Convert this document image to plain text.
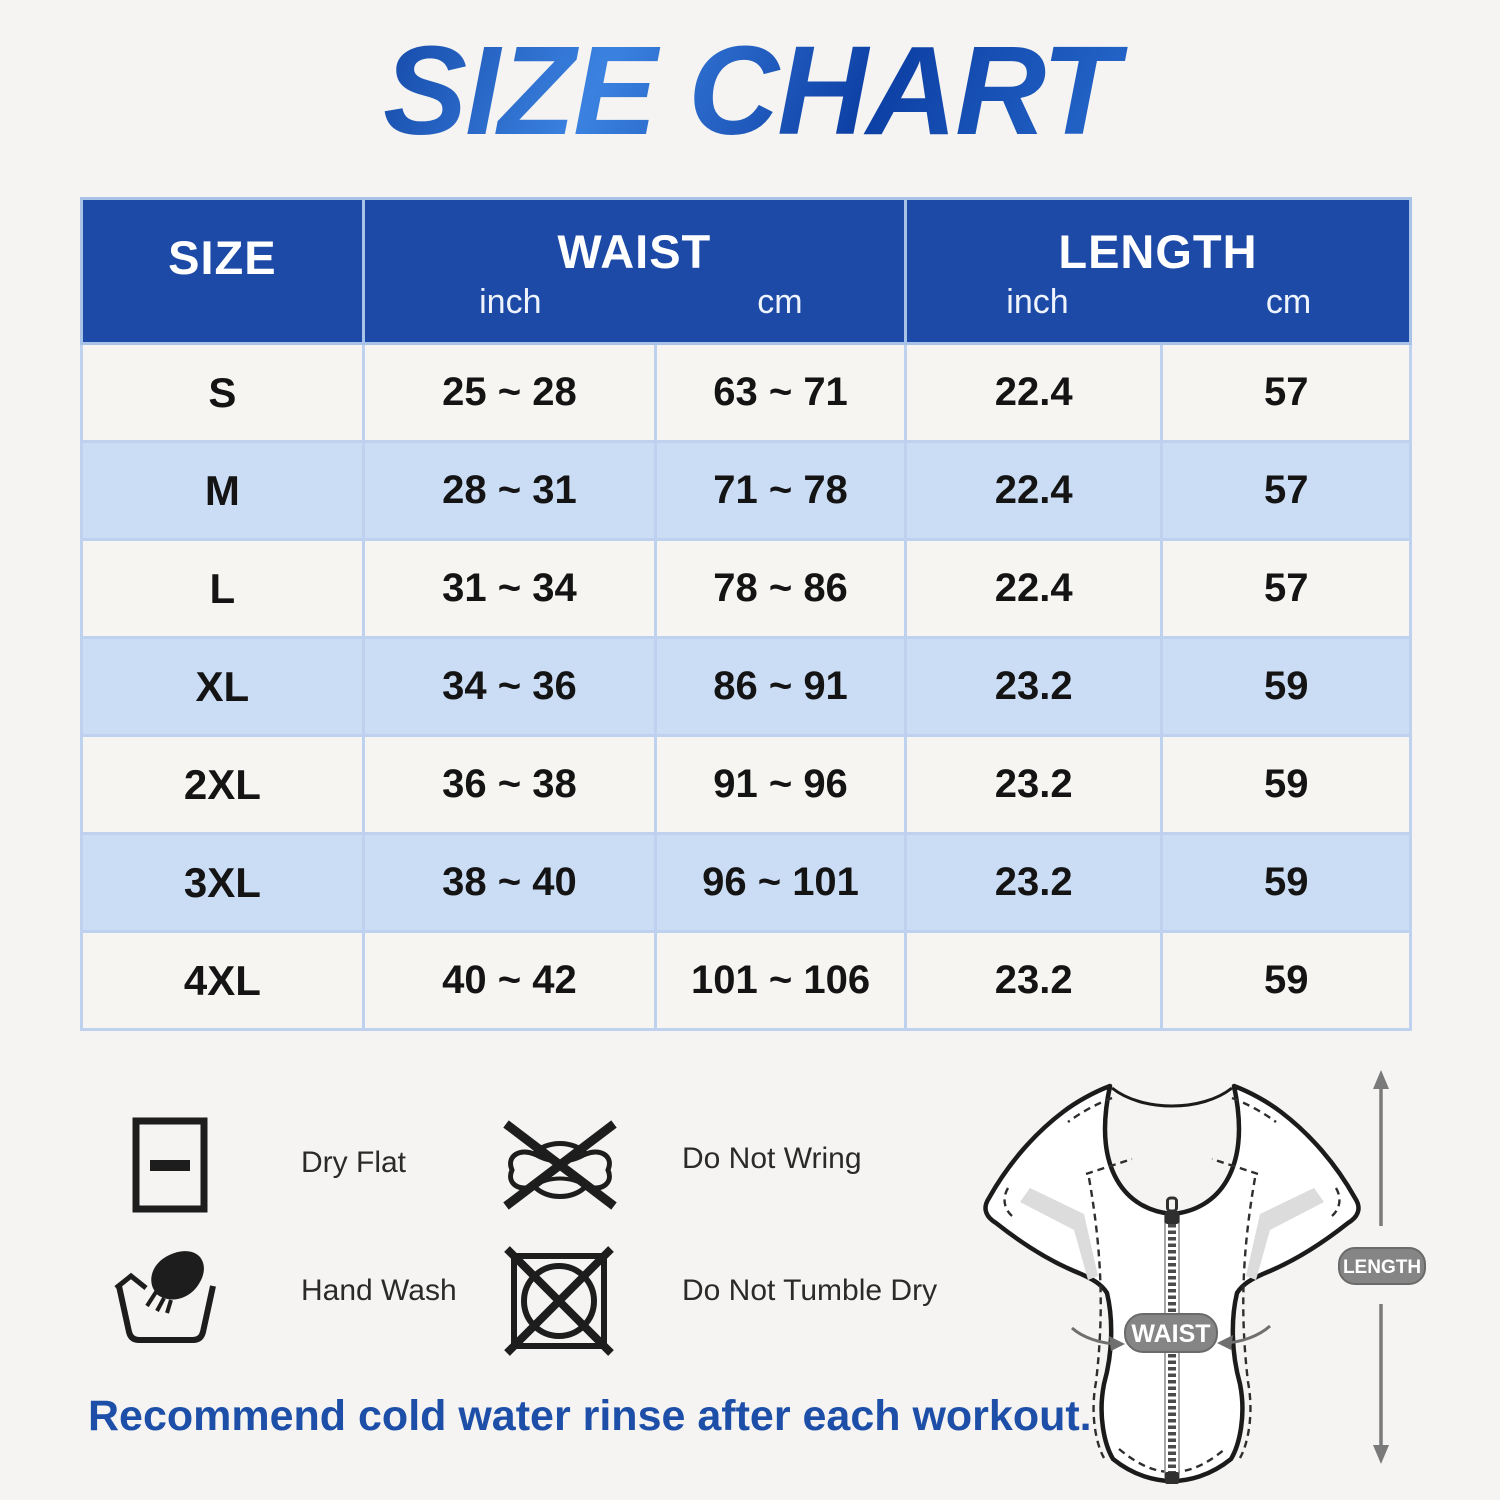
SIZE CHART
SIZE	WAIST
inch	cm

LENGTH
inch	cm

S	25 ~ 28	63 ~ 71	22.4	57
M	28 ~ 31	71 ~ 78	22.4	57
L	31 ~ 34	78 ~ 86	22.4	57
XL	34 ~ 36	86 ~ 91	23.2	59
2XL	36 ~ 38	91 ~ 96	23.2	59
3XL	38 ~ 40	96 ~ 101	23.2	59
4XL	40 ~ 42	101 ~ 106	23.2	59
Dry Flat	Do Not Wring
Hand Wash	Do Not Tumble Dry
WAIST
LENGTH
Recommend cold water rinse after each workout.
